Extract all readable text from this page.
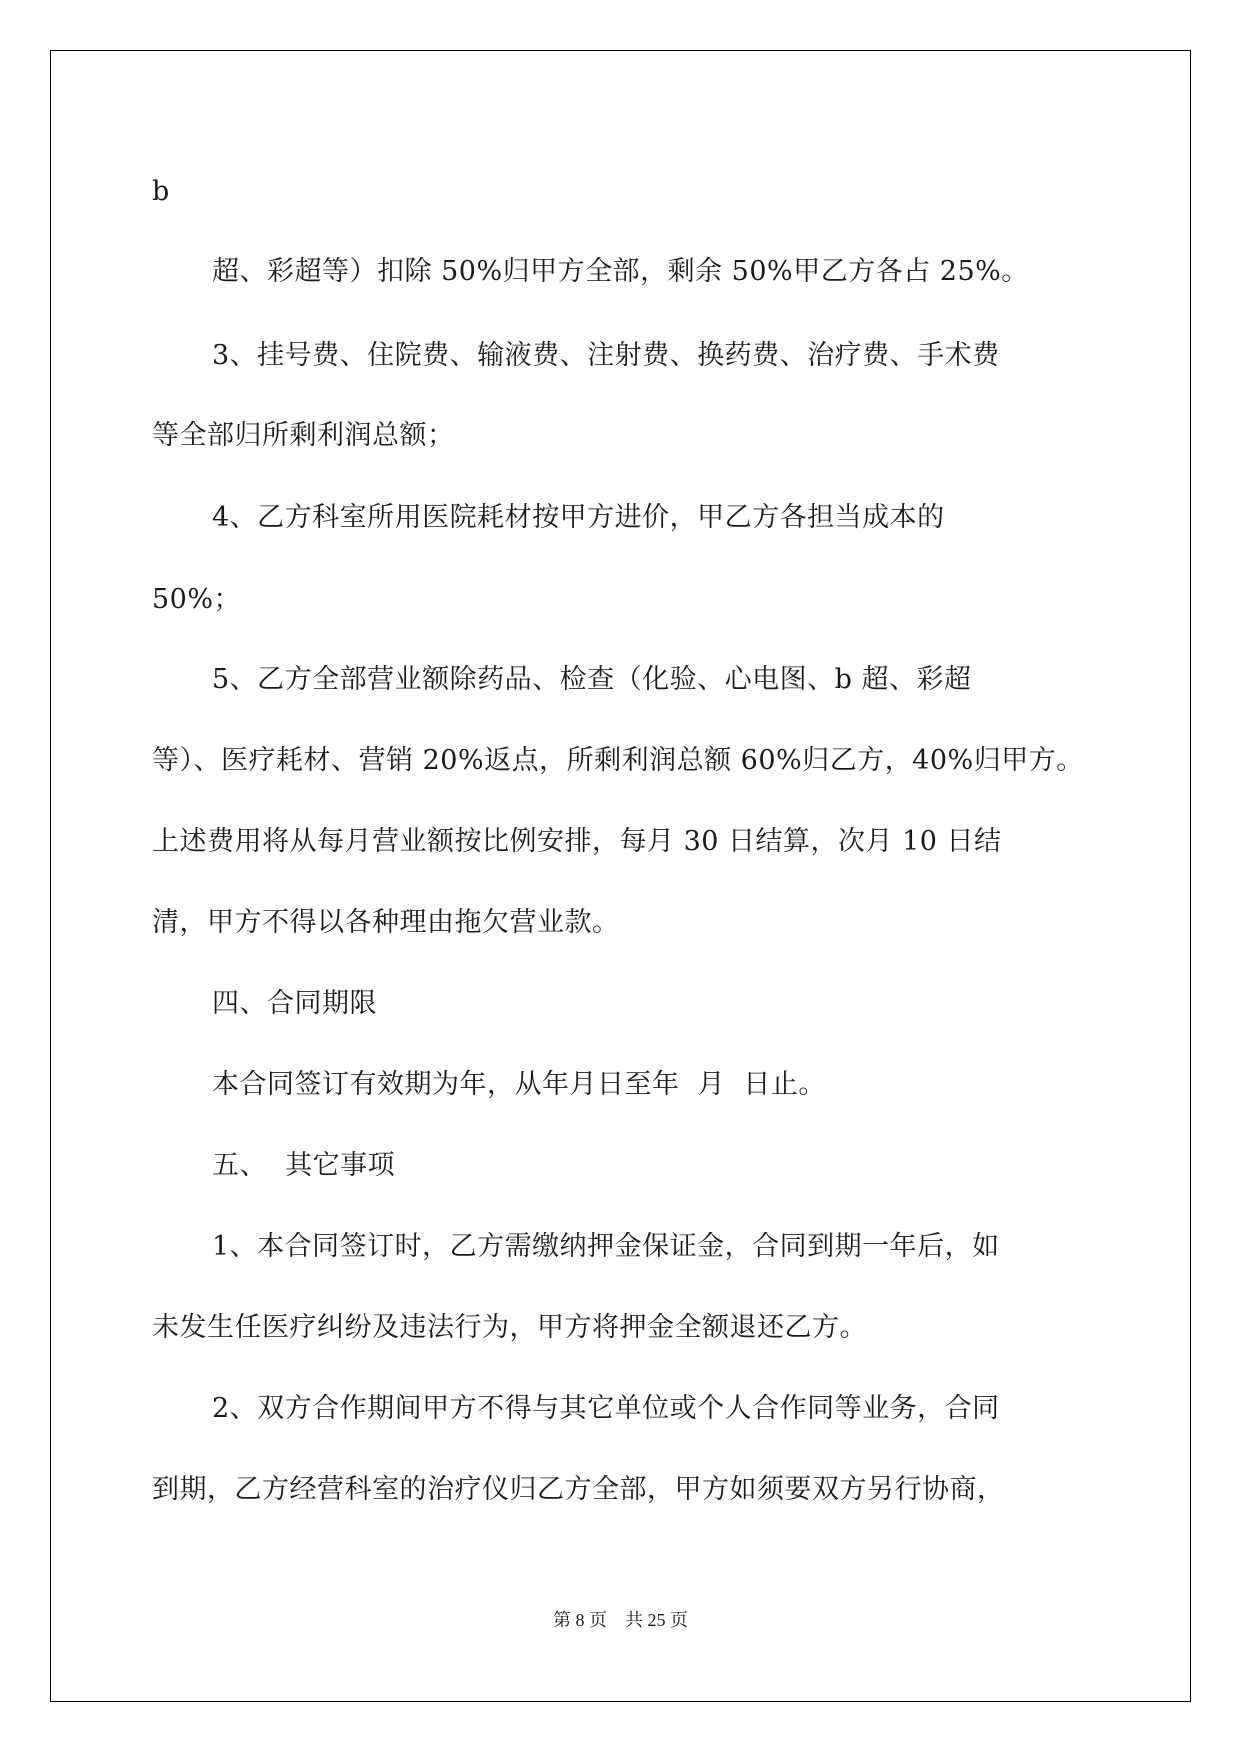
b
超、彩超等）扣除 50%归甲方全部，剩余 50%甲乙方各占 25%。
3、挂号费、住院费、输液费、注射费、换药费、治疗费、手术费
等全部归所剩利润总额；
4、乙方科室所用医院耗材按甲方进价，甲乙方各担当成本的
50%；
5、乙方全部营业额除药品、检查（化验、心电图、b 超、彩超
等）、医疗耗材、营销 20%返点，所剩利润总额 60%归乙方，40%归甲方。
上述费用将从每月营业额按比例安排，每月 30 日结算，次月 10 日结
清，甲方不得以各种理由拖欠营业款。
四、合同期限
本合同签订有效期为年，从年月日至年  月  日止。
五、  其它事项
1、本合同签订时，乙方需缴纳押金保证金，合同到期一年后，如
未发生任医疗纠纷及违法行为，甲方将押金全额退还乙方。
2、双方合作期间甲方不得与其它单位或个人合作同等业务，合同
到期，乙方经营科室的治疗仪归乙方全部，甲方如须要双方另行协商，
第 8 页    共 25 页
